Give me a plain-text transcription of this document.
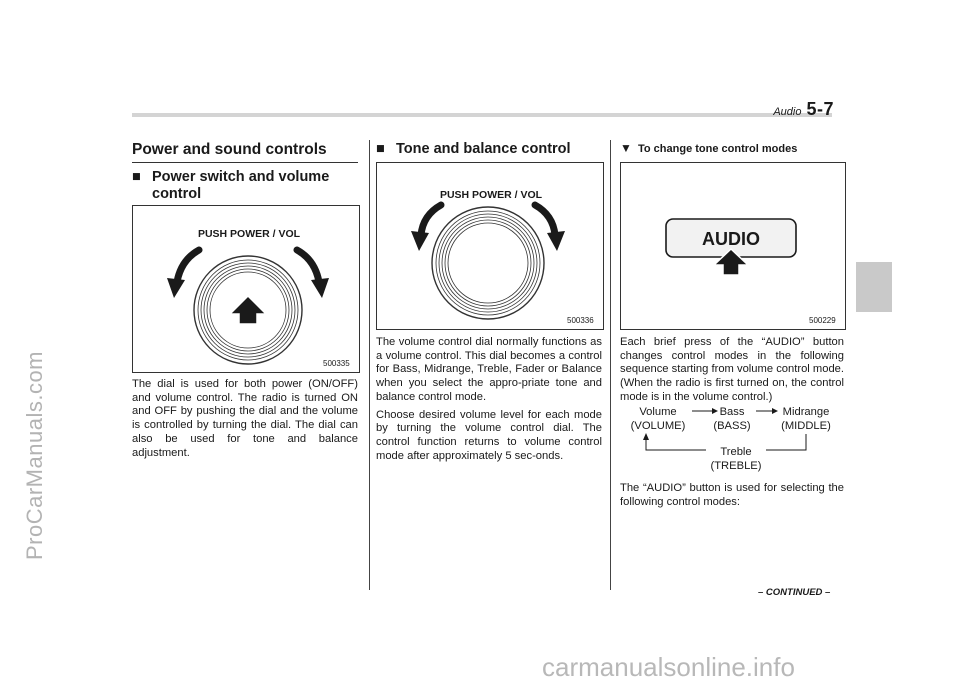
Audio 5-7
ProCarManuals.com
carmanualsonline.info
Power and sound controls
■ Power switch and volume control
PUSH POWER / VOL
500335

The dial is used for both power (ON/OFF) and volume control. The radio is turned ON and OFF by pushing the dial and the volume is controlled by turning the dial. The dial can also be used for tone and balance adjustment.

■ Tone and balance control
PUSH POWER / VOL
500336

The volume control dial normally functions as a volume control. This dial becomes a control for Bass, Midrange, Treble, Fader or Balance when you select the appro-priate tone and balance control mode.

Choose desired volume level for each mode by turning the volume control dial. The control function returns to volume control mode after approximately 5 sec-onds.

▼ To change tone control modes
AUDIO
500229

Each brief press of the “AUDIO” button changes control modes in the following sequence starting from volume control mode. (When the radio is first turned on, the control mode is in the volume control.)

Volume
(VOLUME)
Bass
(BASS)
Midrange
(MIDDLE)
Treble
(TREBLE)

The “AUDIO” button is used for selecting the following control modes:

– CONTINUED –
